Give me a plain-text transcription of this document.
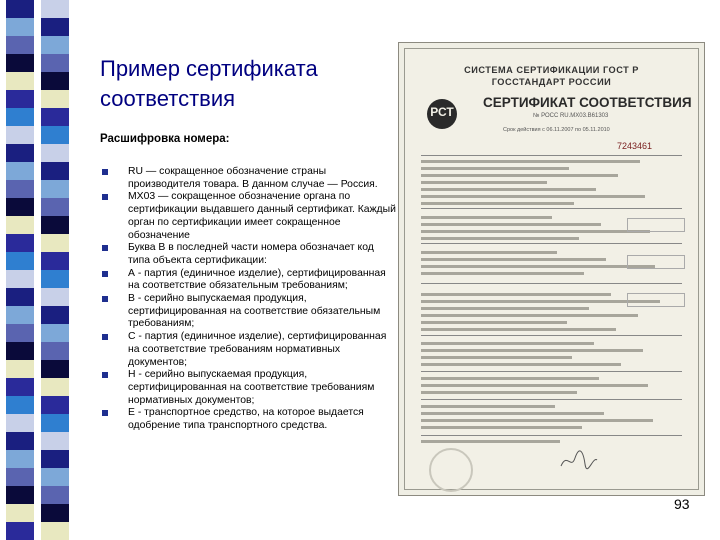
Пример сертификата соответствия
Расшифровка номера:
RU — сокращенное обозначение страны производителя товара. В данном случае — Россия.
MX03 — сокращенное обозначение органа по сертификации выдавшего данный сертификат. Каждый орган по сертификации имеет сокращенное обозначение
Буква В в последней части номера обозначает код типа объекта сертификации:
А - партия (единичное изделие), сертифицированная на соответствие обязательным требованиям;
В - серийно выпускаемая продукция, сертифицированная на соответствие обязательным требованиям;
С - партия (единичное изделие), сертифицированная на соответствие требованиям нормативных документов;
Н - серийно выпускаемая продукция, сертифицированная на соответствие требованиям нормативных документов;
Е - транспортное средство, на которое выдается одобрение типа транспортного средства.
СИСТЕМА СЕРТИФИКАЦИИ ГОСТ Р
ГОССТАНДАРТ РОССИИ
РСТ
СЕРТИФИКАТ СООТВЕТСТВИЯ
№ РОСС RU.МХ03.В61303
Срок действия с 06.11.2007 по 05.11.2010
7243461
93
